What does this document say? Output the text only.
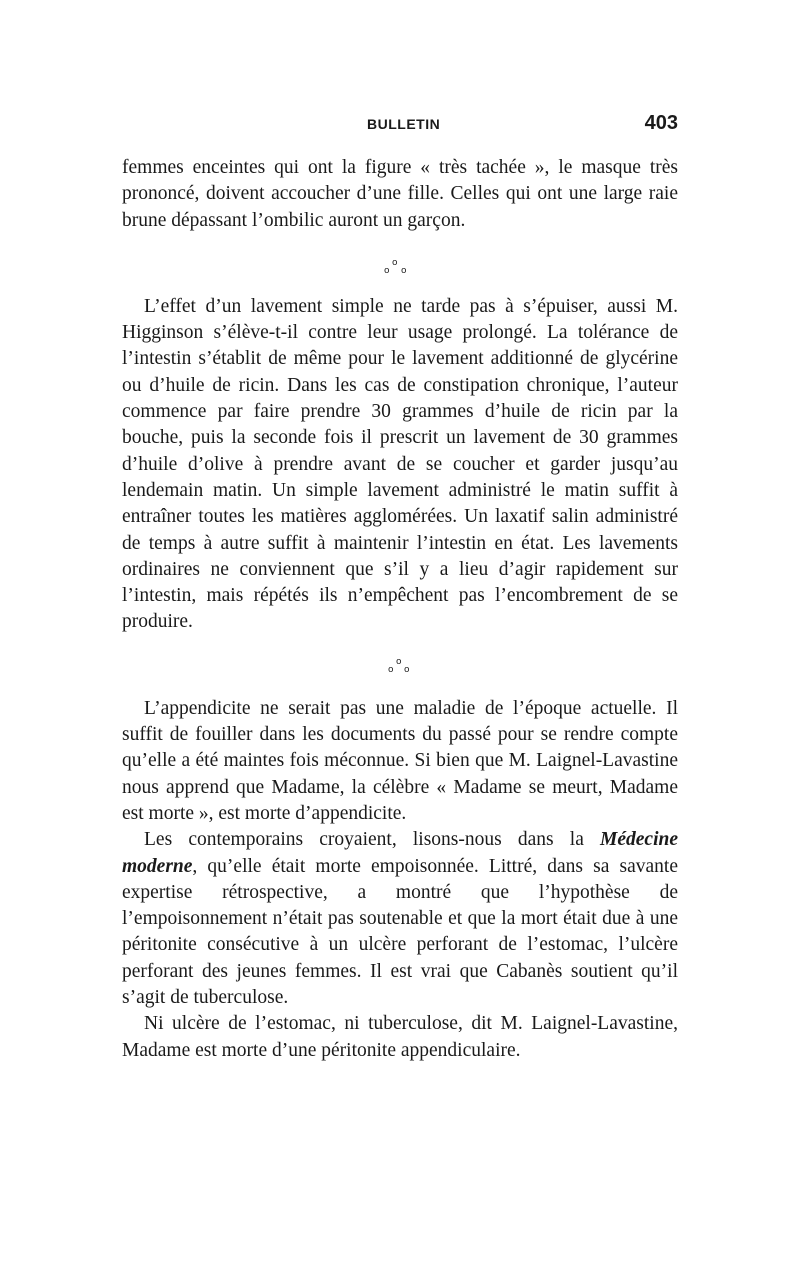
BULLETIN	403

femmes enceintes qui ont la figure « très tachée », le masque très prononcé, doivent accoucher d’une fille. Celles qui ont une large raie brune dépassant l’ombilic auront un garçon.

o
o o

L’effet d’un lavement simple ne tarde pas à s’épuiser, aussi M. Higginson s’élève-t-il contre leur usage prolongé. La tolérance de l’intestin s’établit de même pour le lavement additionné de glycérine ou d’huile de ricin. Dans les cas de constipation chronique, l’auteur commence par faire prendre 30 grammes d’huile de ricin par la bouche, puis la seconde fois il prescrit un lavement de 30 grammes d’huile d’olive à prendre avant de se coucher et garder jusqu’au lendemain matin. Un simple lavement administré le matin suffit à entraîner toutes les matières agglomérées. Un laxatif salin administré de temps à autre suffit à maintenir l’intestin en état. Les lavements ordinaires ne conviennent que s’il y a lieu d’agir rapidement sur l’intestin, mais répétés ils n’empêchent pas l’encombrement de se produire.

o
o o

L’appendicite ne serait pas une maladie de l’époque actuelle. Il suffit de fouiller dans les documents du passé pour se rendre compte qu’elle a été maintes fois méconnue. Si bien que M. Laignel-Lavastine nous apprend que Madame, la célèbre « Madame se meurt, Madame est morte », est morte d’appendicite.

Les contemporains croyaient, lisons-nous dans la Médecine moderne, qu’elle était morte empoisonnée. Littré, dans sa savante expertise rétrospective, a montré que l’hypothèse de l’empoisonnement n’était pas soutenable et que la mort était due à une péritonite consécutive à un ulcère perforant de l’estomac, l’ulcère perforant des jeunes femmes. Il est vrai que Cabanès soutient qu’il s’agit de tuberculose.

Ni ulcère de l’estomac, ni tuberculose, dit M. Laignel-Lavastine, Madame est morte d’une péritonite appendiculaire.
